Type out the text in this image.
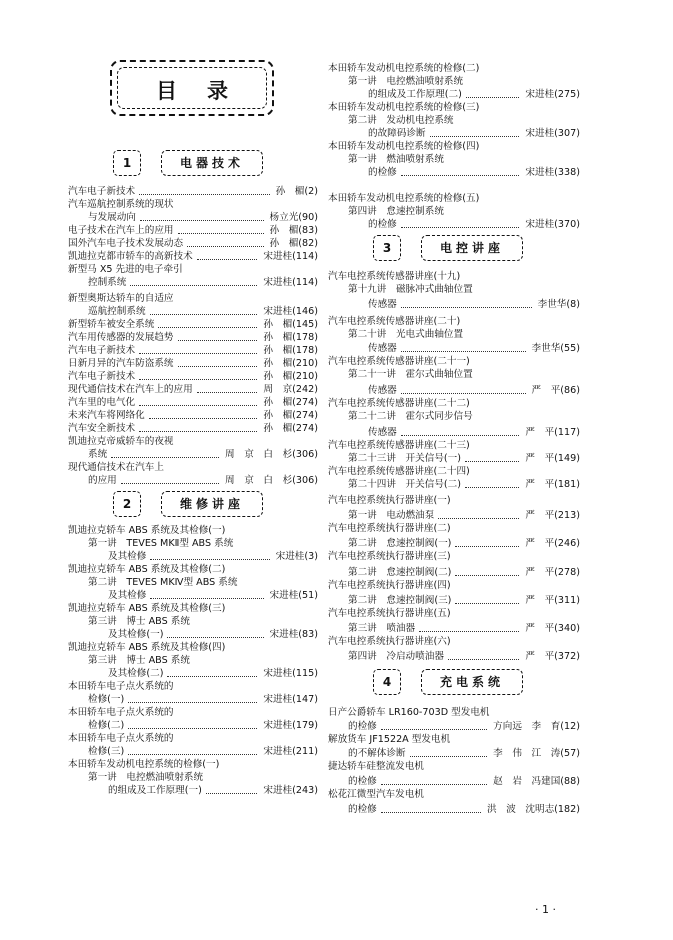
目录
1	电器技术
汽车电子新技术	孙　楣(2)
汽车巡航控制系统的现状
与发展动向	杨立光(90)
电子技术在汽车上的应用	孙　楣(83)
国外汽车电子技术发展动态	孙　楣(82)
凯迪拉克都市轿车的高新技术	宋进桂(114)
新型马 X5 先进的电子牵引
控制系统	宋进桂(114)
新型奥斯达轿车的自适应
巡航控制系统	宋进桂(146)
新型轿车被安全系统	孙　楣(145)
汽车用传感器的发展趋势	孙　楣(178)
汽车电子新技术	孙　楣(178)
日新月异的汽车防盗系统	孙　楣(210)
汽车电子新技术	孙　楣(210)
现代通信技术在汽车上的应用	周　京(242)
汽车里的电气化	孙　楣(274)
未来汽车将网络化	孙　楣(274)
汽车安全新技术	孙　楣(274)
凯迪拉克帝威轿车的夜视
系统	周　京　白　杉(306)
现代通信技术在汽车上
的应用	周　京　白　杉(306)
2	维修讲座
凯迪拉克轿车 ABS 系统及其检修(一)
第一讲　TEVES MKⅡ型 ABS 系统
及其检修	宋进桂(3)
凯迪拉克轿车 ABS 系统及其检修(二)
第二讲　TEVES MKⅣ型 ABS 系统
及其检修	宋进桂(51)
凯迪拉克轿车 ABS 系统及其检修(三)
第三讲　博士 ABS 系统
及其检修(一)	宋进桂(83)
凯迪拉克轿车 ABS 系统及其检修(四)
第三讲　博士 ABS 系统
及其检修(二)	宋进桂(115)
本田轿车电子点火系统的
检修(一)	宋进桂(147)
本田轿车电子点火系统的
检修(二)	宋进桂(179)
本田轿车电子点火系统的
检修(三)	宋进桂(211)
本田轿车发动机电控系统的检修(一)
第一讲　电控燃油喷射系统
的组成及工作原理(一)	宋进桂(243)
本田轿车发动机电控系统的检修(二)
第一讲　电控燃油喷射系统
的组成及工作原理(二)	宋进桂(275)
本田轿车发动机电控系统的检修(三)
第二讲　发动机电控系统
的故障码诊断	宋进桂(307)
本田轿车发动机电控系统的检修(四)
第一讲　燃油喷射系统
的检修	宋进桂(338)
本田轿车发动机电控系统的检修(五)
第四讲　怠速控制系统
的检修	宋进桂(370)
3	电控讲座
汽车电控系统传感器讲座(十九)
第十九讲　磁脉冲式曲轴位置
传感器	李世华(8)
汽车电控系统传感器讲座(二十)
第二十讲　光电式曲轴位置
传感器	李世华(55)
汽车电控系统传感器讲座(二十一)
第二十一讲　霍尔式曲轴位置
传感器	严　平(86)
汽车电控系统传感器讲座(二十二)
第二十二讲　霍尔式同步信号
传感器	严　平(117)
汽车电控系统传感器讲座(二十三)
第二十三讲　开关信号(一)	严　平(149)
汽车电控系统传感器讲座(二十四)
第二十四讲　开关信号(二)	严　平(181)
汽车电控系统执行器讲座(一)
第一讲　电动燃油泵	严　平(213)
汽车电控系统执行器讲座(二)
第二讲　怠速控制阀(一)	严　平(246)
汽车电控系统执行器讲座(三)
第二讲　怠速控制阀(二)	严　平(278)
汽车电控系统执行器讲座(四)
第二讲　怠速控制阀(三)	严　平(311)
汽车电控系统执行器讲座(五)
第三讲　喷油器	严　平(340)
汽车电控系统执行器讲座(六)
第四讲　冷启动喷油器	严　平(372)
4	充电系统
日产公爵轿车 LR160-703D 型发电机
的检修	方向远　李　育(12)
解放货车 JF1522A 型发电机
的不解体诊断	李　伟　江　涛(57)
捷达轿车硅整流发电机
的检修	赵　岩　冯建国(88)
松花江微型汽车发电机
的检修	洪　波　沈明志(182)
· 1 ·
